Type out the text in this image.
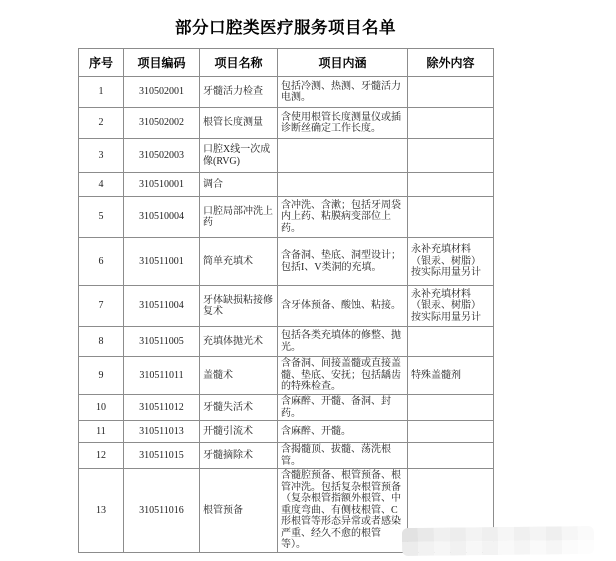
部分口腔类医疗服务项目名单
序号	项目编码	项目名称	项目内涵	除外内容
1	310502001	牙髓活力检查	包括冷测、热测、牙髓活力电测。	
2	310502002	根管长度测量	含使用根管长度测量仪或插诊断丝确定工作长度。	
3	310502003	口腔X线一次成像(RVG)		
4	310510001	调合		
5	310510004	口腔局部冲洗上药	含冲洗、含漱；包括牙周袋内上药、粘膜病变部位上药。	
6	310511001	简单充填术	含备洞、垫底、洞型设计；包括I、V类洞的充填。	永补充填材料（银汞、树脂）按实际用量另计
7	310511004	牙体缺损粘接修复术	含牙体预备、酸蚀、粘接。	永补充填材料（银汞、树脂）按实际用量另计
8	310511005	充填体抛光术	包括各类充填体的修整、抛光。	
9	310511011	盖髓术	含备洞、间接盖髓或直接盖髓、垫底、安抚；包括龋齿的特殊检查。	特殊盖髓剂
10	310511012	牙髓失活术	含麻醉、开髓、备洞、封药。	
11	310511013	开髓引流术	含麻醉、开髓。	
12	310511015	牙髓摘除术	含揭髓顶、拔髓、荡洗根管。	
13	310511016	根管预备	含髓腔预备、根管预备、根管冲洗。包括复杂根管预备（复杂根管指额外根管、中重度弯曲、有侧枝根管、C形根管等形态异常或者感染严重、经久不愈的根管等）。	
